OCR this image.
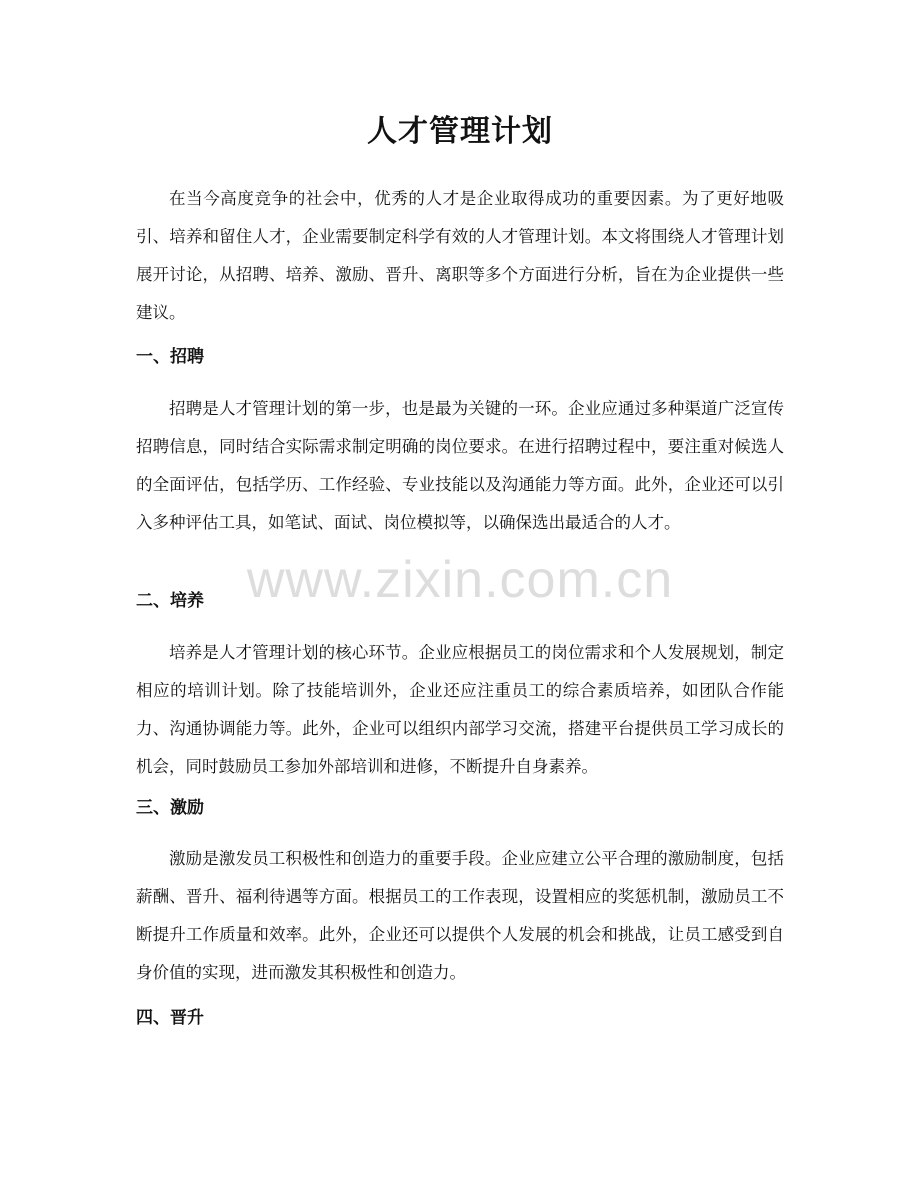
人才管理计划

在当今高度竞争的社会中，优秀的人才是企业取得成功的重要因素。为了更好地吸引、培养和留住人才，企业需要制定科学有效的人才管理计划。本文将围绕人才管理计划展开讨论，从招聘、培养、激励、晋升、离职等多个方面进行分析，旨在为企业提供一些建议。

一、招聘

招聘是人才管理计划的第一步，也是最为关键的一环。企业应通过多种渠道广泛宣传招聘信息，同时结合实际需求制定明确的岗位要求。在进行招聘过程中，要注重对候选人的全面评估，包括学历、工作经验、专业技能以及沟通能力等方面。此外，企业还可以引入多种评估工具，如笔试、面试、岗位模拟等，以确保选出最适合的人才。

二、培养

培养是人才管理计划的核心环节。企业应根据员工的岗位需求和个人发展规划，制定相应的培训计划。除了技能培训外，企业还应注重员工的综合素质培养，如团队合作能力、沟通协调能力等。此外，企业可以组织内部学习交流，搭建平台提供员工学习成长的机会，同时鼓励员工参加外部培训和进修，不断提升自身素养。

三、激励

激励是激发员工积极性和创造力的重要手段。企业应建立公平合理的激励制度，包括薪酬、晋升、福利待遇等方面。根据员工的工作表现，设置相应的奖惩机制，激励员工不断提升工作质量和效率。此外，企业还可以提供个人发展的机会和挑战，让员工感受到自身价值的实现，进而激发其积极性和创造力。

四、晋升
www.zixin.com.cn
